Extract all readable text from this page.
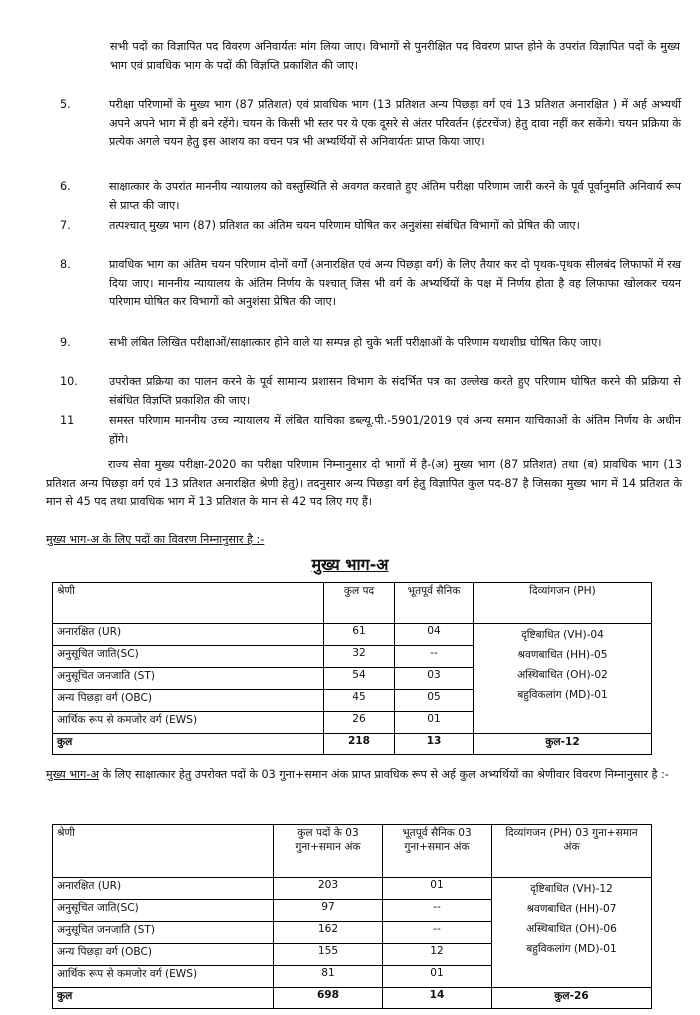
सभी पदों का विज्ञापित पद विवरण अनिवार्यतः मांग लिया जाए। विभागों से पुनरीक्षित पद विवरण प्राप्त होने के उपरांत विज्ञापित पदों के मुख्य भाग एवं प्रावधिक भाग के पदों की विज्ञप्ति प्रकाशित की जाए।
5.	परीक्षा परिणामों के मुख्य भाग (87 प्रतिशत) एवं प्रावधिक भाग (13 प्रतिशत अन्य पिछड़ा वर्ग एवं 13 प्रतिशत अनारक्षित ) में अर्ह अभ्यर्थी अपने अपने भाग में ही बने रहेंगे। चयन के किसी भी स्तर पर ये एक दूसरे से अंतर परिवर्तन (इंटरचेंज) हेतु दावा नहीं कर सकेंगे। चयन प्रक्रिया के प्रत्येक अगले चयन हेतु इस आशय का वचन पत्र भी अभ्यर्थियों से अनिवार्यतः प्राप्त किया जाए।
6.	साक्षात्कार के उपरांत माननीय न्यायालय को वस्तुस्थिति से अवगत करवाते हुए अंतिम परीक्षा परिणाम जारी करने के पूर्व पूर्वानुमति अनिवार्य रूप से प्राप्त की जाए।
7.	तत्पश्चात् मुख्य भाग (87) प्रतिशत का अंतिम चयन परिणाम घोषित कर अनुशंसा संबंधित विभागों को प्रेषित की जाए।
8.	प्रावधिक भाग का अंतिम चयन परिणाम दोनों वर्गों (अनारक्षित एवं अन्य पिछड़ा वर्ग) के लिए तैयार कर दो पृथक-पृथक सीलबंद लिफाफों में रख दिया जाए। माननीय न्यायालय के अंतिम निर्णय के पश्चात् जिस भी वर्ग के अभ्यर्थियों के पक्ष में निर्णय होता है वह लिफाफा खोलकर चयन परिणाम घोषित कर विभागों को अनुशंसा प्रेषित की जाए।
9.	सभी लंबित लिखित परीक्षाओं/साक्षात्कार होने वाले या सम्पन्न हो चुके भर्ती परीक्षाओं के परिणाम यथाशीघ्र घोषित किए जाए।
10.	उपरोक्त प्रक्रिया का पालन करने के पूर्व सामान्य प्रशासन विभाग के संदर्भित पत्र का उल्लेख करते हुए परिणाम घोषित करने की प्रक्रिया से संबंधित विज्ञप्ति प्रकाशित की जाए।
11	समस्त परिणाम माननीय उच्च न्यायालय में लंबित याचिका डब्ल्यू.पी.-5901/2019 एवं अन्य समान याचिकाओं के अंतिम निर्णय के अधीन होंगे।
राज्य सेवा मुख्य परीक्षा-2020 का परीक्षा परिणाम निम्नानुसार दो भागों में है-(अ) मुख्य भाग (87 प्रतिशत) तथा (ब) प्रावधिक भाग (13 प्रतिशत अन्य पिछड़ा वर्ग एवं 13 प्रतिशत अनारक्षित श्रेणी हेतु)। तदनुसार अन्य पिछड़ा वर्ग हेतु विज्ञापित कुल पद-87 है जिसका मुख्य भाग में 14 प्रतिशत के मान से 45 पद तथा प्रावधिक भाग में 13 प्रतिशत के मान से 42 पद लिए गए हैं।
मुख्य भाग-अ के लिए पदों का विवरण निम्नानुसार है :-
मुख्य भाग-अ
श्रेणी	कुल पद	भूतपूर्व सैनिक	दिव्यांगजन (PH)
अनारक्षित (UR)	61	04	दृष्टिबाधित (VH)-04
श्रवणबाधित (HH)-05
अस्थिबाधित (OH)-02
बहुविकलांग (MD)-01

अनुसूचित जाति(SC)	32	--	
अनुसूचित जनजाति (ST)	54	03	
अन्य पिछड़ा वर्ग (OBC)	45	05	
आर्थिक रूप से कमजोर वर्ग (EWS)	26	01	
कुल	218	13	कुल-12
मुख्य भाग-अ के लिए साक्षात्कार हेतु उपरोक्त पदों के 03 गुना+समान अंक प्राप्त प्रावधिक रूप से अर्ह कुल अभ्यर्थियों का श्रेणीवार विवरण निम्नानुसार है :-
श्रेणी	कुल पदों के 03 गुना+समान अंक	भूतपूर्व सैनिक 03 गुना+समान अंक	दिव्यांगजन (PH) 03 गुना+समान अंक
अनारक्षित (UR)	203	01	दृष्टिबाधित (VH)-12
श्रवणबाधित (HH)-07
अस्थिबाधित (OH)-06
बहुविकलांग (MD)-01

अनुसूचित जाति(SC)	97	--	
अनुसूचित जनजाति (ST)	162	--	
अन्य पिछड़ा वर्ग (OBC)	155	12	
आर्थिक रूप से कमजोर वर्ग (EWS)	81	01	
कुल	698	14	कुल-26
